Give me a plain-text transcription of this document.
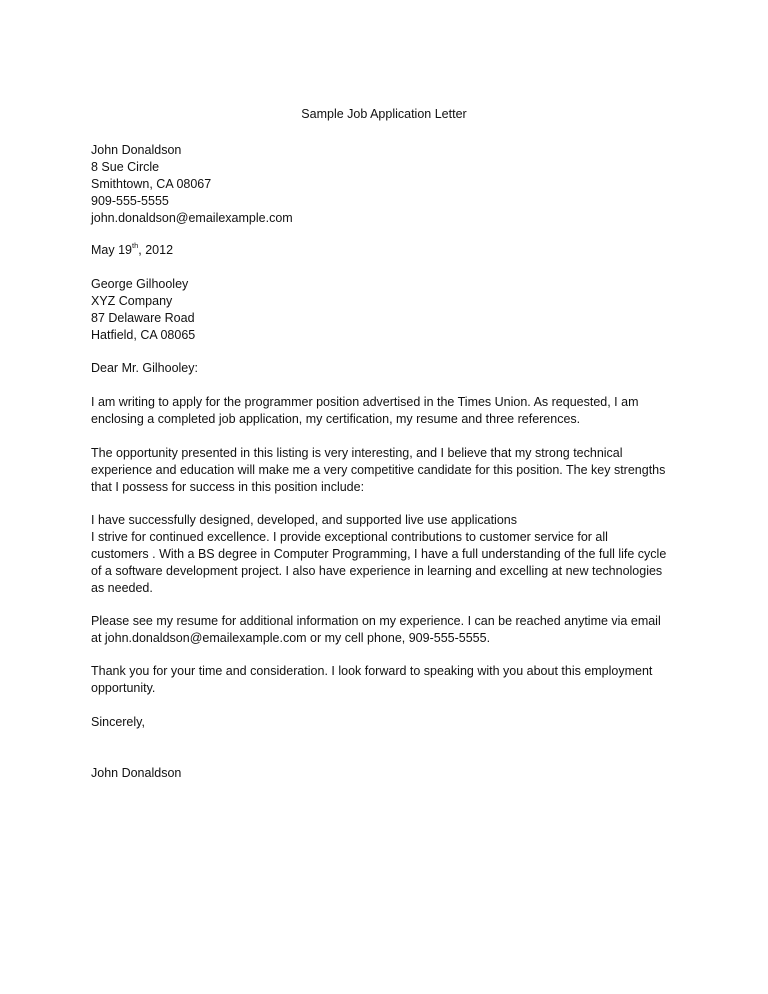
Sample Job Application Letter
John Donaldson
8 Sue Circle
Smithtown, CA 08067
909-555-5555
john.donaldson@emailexample.com
May 19th, 2012
George Gilhooley
XYZ Company
87 Delaware Road
Hatfield, CA 08065
Dear Mr. Gilhooley:
I am writing to apply for the programmer position advertised in the Times Union. As requested, I am
enclosing a completed job application, my certification, my resume and three references.
The opportunity presented in this listing is very interesting, and I believe that my strong technical
experience and education will make me a very competitive candidate for this position. The key strengths
that I possess for success in this position include:
I have successfully designed, developed, and supported live use applications
I strive for continued excellence. I provide exceptional contributions to customer service for all
customers . With a BS degree in Computer Programming, I have a full understanding of the full life cycle
of a software development project. I also have experience in learning and excelling at new technologies
as needed.
Please see my resume for additional information on my experience. I can be reached anytime via email
at john.donaldson@emailexample.com or my cell phone, 909-555-5555.
Thank you for your time and consideration. I look forward to speaking with you about this employment
opportunity.
Sincerely,
John Donaldson
